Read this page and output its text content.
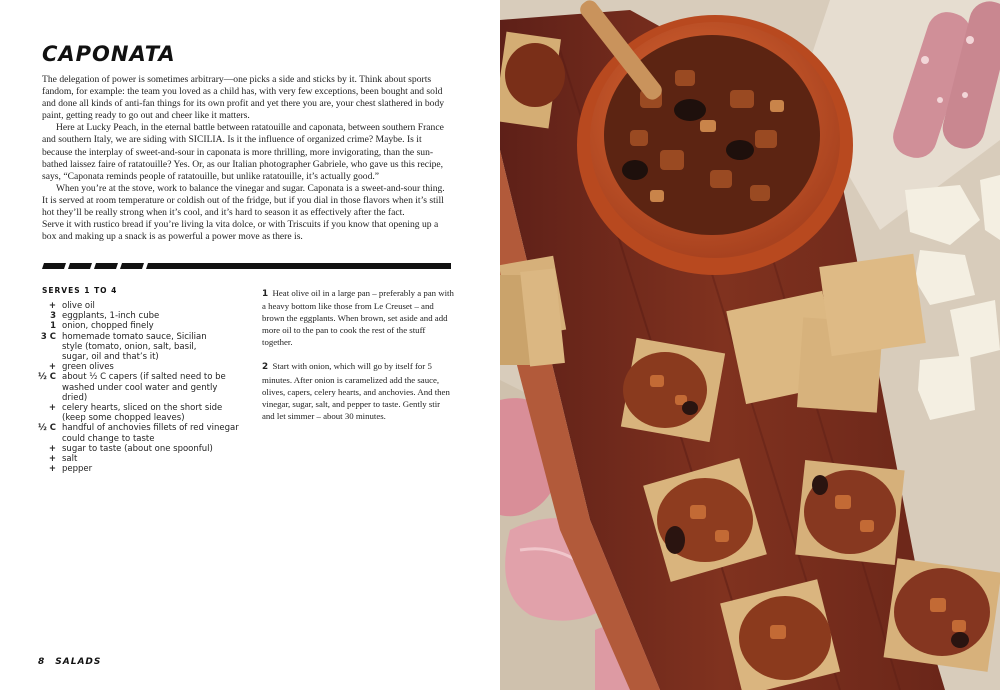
CAPONATA

The delegation of power is sometimes arbitrary—one picks a side and sticks by it. Think about sports fandom, for example: the team you loved as a child has, with very few exceptions, been bought and sold and done all kinds of anti-fan things for its own profit and yet there you are, your chest slathered in body paint, getting ready to go out and cheer like it matters.

Here at Lucky Peach, in the eternal battle between ratatouille and caponata, between southern France and southern Italy, we are siding with SICILIA. Is it the influence of organized crime? Maybe. Is it because the interplay of sweet-and-sour in caponata is more thrilling, more invigorating, than the sun-bathed laissez faire of ratatouille? Yes. Or, as our Italian photographer Gabriele, who gave us this recipe, says, “Caponata reminds people of ratatouille, but unlike ratatouille, it’s actually good.”

When you’re at the stove, work to balance the vinegar and sugar. Caponata is a sweet-and-sour thing. It is served at room temperature or coldish out of the fridge, but if you dial in those flavors when it’s still hot they’ll be really strong when it’s cool, and it’s hard to season it as effectively after the fact.

Serve it with rustico bread if you’re living la vita dolce, or with Triscuits if you know that opening up a box and making up a snack is as powerful a power move as there is.

SERVES 1 TO 4
+ olive oil
3 eggplants, 1-inch cube
1 onion, chopped finely
3 C homemade tomato sauce, Sicilian style (tomato, onion, salt, basil, sugar, oil and that’s it)
+ green olives
½ C about ½ C capers (if salted need to be washed under cool water and gently dried)
+ celery hearts, sliced on the short side (keep some chopped leaves)
½ C handful of anchovies fillets of red vinegar could change to taste
+ sugar to taste (about one spoonful)
+ salt
+ pepper

1 Heat olive oil in a large pan – preferably a pan with a heavy bottom like those from Le Creuset – and brown the eggplants. When brown, set aside and add more oil to the pan to cook the rest of the stuff together.

2 Start with onion, which will go by itself for 5 minutes. After onion is caramelized add the sauce, olives, capers, celery hearts, and anchovies. And then vinegar, sugar, salt, and pepper to taste. Gently stir and let simmer – about 30 minutes.

8 SALADS
